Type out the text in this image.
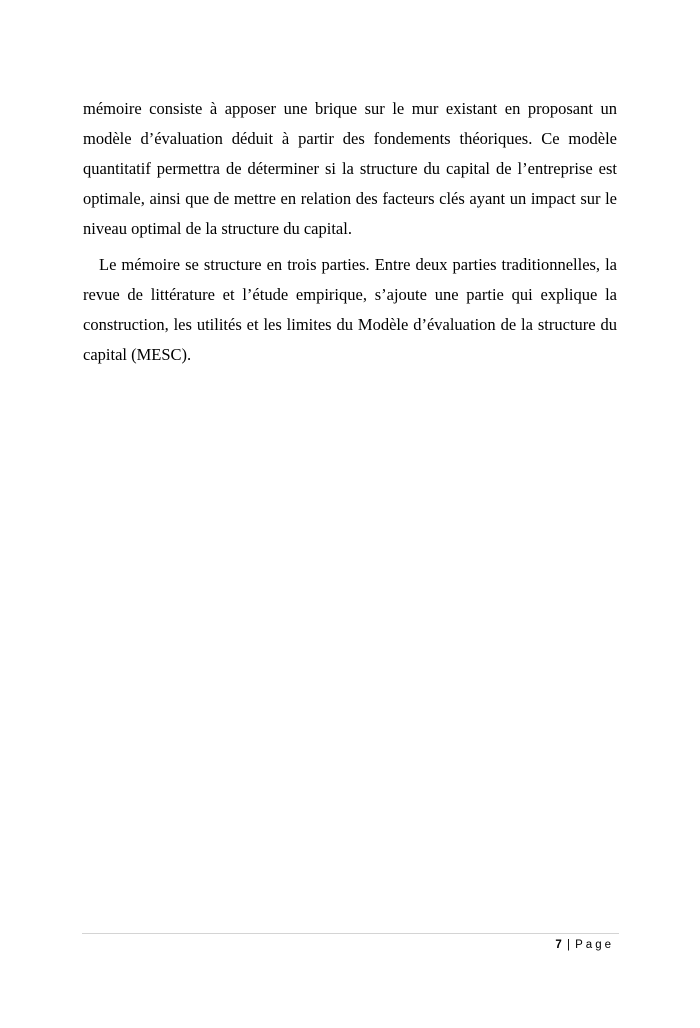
mémoire consiste à apposer une brique sur le mur existant en proposant un
modèle d’évaluation déduit à partir des fondements théoriques. Ce modèle
quantitatif permettra de déterminer si la structure du capital de l’entreprise est
optimale, ainsi que de mettre en relation des facteurs clés ayant un impact sur le
niveau optimal de la structure du capital.
Le mémoire se structure en trois parties. Entre deux parties traditionnelles, la
revue de littérature et l’étude empirique, s’ajoute une partie qui explique la
construction, les utilités et les limites du Modèle d’évaluation de la structure du
capital (MESC).
7 | Page
